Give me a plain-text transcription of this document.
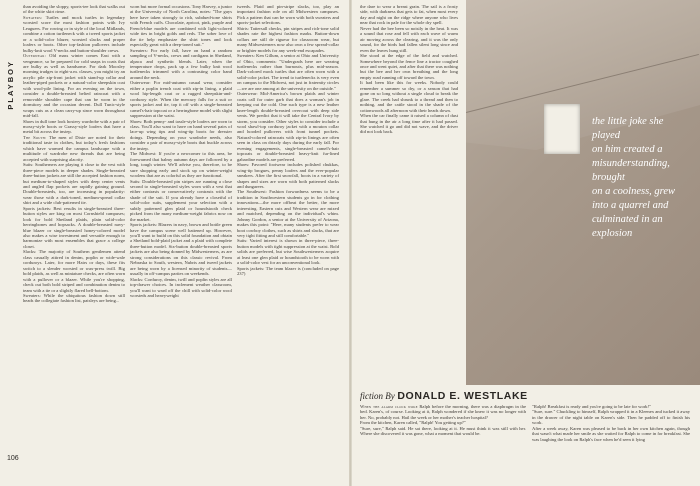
PLAYBOY
106

than avoiding the sloppy, sports-tee look that walks out of the white skirt rinse.

Sweaters: Turtles and mock turtles in legendary worsted score the most fashion points with Ivy Leaguers. For rowing or in style of the local Midlands, combine a cotton turtleneck with a tweed sports jacket or a solid-color blazer, worsted slacks and proper loafers or boots. Other top-fashion pullovers include bulky-knit wool V-necks and button-shoulder crews.

Outerwear: Old mass winter comes East with a vengeance, so be prepared for cold snaps in coats that are bulky as well as handsome. For dark Moosley morning trudges to eight-a.m. classes, you might try an acrylic pile zip-front jacket with stand-up collar and leather-piped pockets or a natural-color sheepskin coat with wool-pile lining. For an evening on the town, consider a double-breasted belted raincoat with a removable shoulder cape that can be worn in the dormitory and the occasion decent. Dull Tunic-style wraps cuts as a clean carry-up since worn throughout mid-fall.

Shoes in dull tone look hosiery wardrobe with a pair of mossy-style boots or Grassy-style loafers that have a metal bit across the instep.

The South: The men of Dixie are noted for their traditional taste in clothes, but today's fresh fashions which have warmed the campus landscape with a multitude of wardrobe new threads that are being accepted with surprising alacrity.

Suits: Southerners are playing it close to the vest with three-piece models in deeper shades. Single-breasted three-button jackets are still the accepted fashion norm, but medium-to-shaped styles with deep center vents and angled flap pockets are rapidly gaining ground. Double-breasteds, too, are increasing in popularity: wear those with a dark-toned, medium-spread collar shirt and a wide club-patterned tie.

Sports jackets: Best results in single-breasted three-button styles are king on most Cornshield campuses; look for bold Shetland plaids, plain solid-color herringbones and hopsacks. A double-breasted navy-blue blazer or single-breasted honey-colored model also makes a wise investment and versatile enough to harmonize with most ensembles that grace a college closet.

Slacks: The majority of Southern gentlemen attend class casually attired in denim, poplin or wide-wale corduroys. Later, for more Hairs or days, these fits switch to a slender worsted or wax-press twill. Big bold plaids, as well as miniature checks, are often worn with a pullover or a blazer. While you're shopping, check out both bold striped and combination denim to team with a tie or a slightly flared bell-bottom.

Sweaters: While the ubiquitous fashion down still heads the collegiate fashion list, paisleys are being...

worn but more formal occasions. Tony Harvey, a junior at the University of North Carolina, notes: "The guys here have taken strongly to rich, subdued-tone shirts with French cuffs. Chocolate, apricot, pink, purple and French-blue models are combined with light-colored wide ties in bright golds and reds. The sober love of the tie help emphasize the shirt tones and look especially great with a deep-toned suit."

Sweaters: For early fall, have on hand a random sampling of V-necks, crews and cardigans in Shetland, alpaca and synthetic blends. Later, when the temperature drops, pack up a few bulky knit wool turtlenecks trimmed with a contrasting color band around the neck.

Outerwear: For mid-autumn casual wear, consider either a poplin trench coat with zip-in lining, a plaid wool hip-length coat or a rugged sheepskin-and-corduroy style. When the mercury falls for a suit or sports jacket and tie, top it off with a single-breasted camel's-hair topcoat or a herringbone model with slight suppression at the waist.

Shoes: Both penny- and tassle-style loafers are worn to class. You'll also want to have on hand several pairs of lace-up wing tips and wing-tip boots for dressier doings. Depending on your wardrobe needs, also consider a pair of mossy-style boots that buckle across the instep.

The Midwest: If you're a newcomer to this area, be forewarned that balmy autumn days are followed by a long, tough winter. We'll advise you, therefore, to be sure shopping early and stock up on winter-weight woolens that are as colorful as they are functional.

Suits: Double-breasted pin stripes are running a close second to single-breasted styles worn with a vest that either contrasts or conservatively contrasts with the shade of the suit. If you already have a closetful of solid-color suits, supplement your selection with a subtly patterned glen plaid or houndstooth check picked from the many medium-weight fabrics now on the market.

Sports jackets: Blazers in navy, brown and bottle green have the campus scene well battened up. However, you'll want to build on this solid foundation and obtain a Shetland bold-plaid jacket and a plaid with complete three-button model. Six-button double-breasted sports jackets are also being donned by Midwesterners, as are strong considerations on this classic revival. From Nebraska to South, western, Nubris and tweed jackets are being worn by a licensed minority of students—usually in off-campus parties on weekends.

Slacks: Corduroy, denim, twill and poplin styles are all top-drawer choices. In inclement weather classroom, you'll want to ward off the chill with solid-color wool worsteds and heavyweight

tweeds. Plaid and pin-stripe slacks, too, play an important fashion role on all Midwestern campuses. Pick a pattern that can be worn with both sweaters and sports-jacket selections.

Shirts: Tattersall checks, pin stripes and rich-tone solid shades rate the highest fashion marks. Button-down collars are still de rigueur for classroom wear, but many Midwesterners now also own a few spread-collar or brighter models for any week-end escapades.

Sweaters: Ken Gillum, a senior at Ohio and University of Ohio, comments: "Undergrads here are wearing turtlenecks rather than burnouts, plus mid-season. Dark-colored mock turtles that are often worn with a solid-color jacket. The trend to turtlenecks is very even on campus to the Midwest, not just in fraternity circles—we are one among at the university on the outside."

Outerwear: Mid-America's brown plaids and winter coats call for outer garb that does a woman's job in keeping out the cold. One such type is a new leather knee-length double-breasted overcoat with deep side vents. We predict that it will take the Central Ivory by storm, you consider. Other styles to consider include a wool shawl-top corduroy jacket with a mouton collar and hooded pullovers with front tunnel pockets. Natural-colored raincoats with zip-in linings are often seen in class on drizzly days during the early fall. For evening engagements, single-breasted camel's-hair topcoats or double-breasted heavy-knit fur-lined gabardine models are preferred.

Shoes: Favored footwear includes polished chukkas, wing-tip brogues, penny loafers and the ever-popular sneakers. After the first snowfall, boots in a variety of shapes and sizes are worn with both patterned slacks and dungarees.

The Southwest: Fashion forwardness seems to be a tradition in Southwestern students go in for clothing innovations—the more offbeat the better, the more interesting. Eastern cuts and Western wear are mixed and matched, depending on the individual's whim. Johnny Gordon, a senior at the University of Arizona, makes this point: "Here, many students prefer to wear boot cowboy clothes, such as shirts and slacks, that are very tight fitting and still comfortable."

Suits: Varied interest is shown in three-piece, three-button models with tight suppression at the waist. Bold solids are preferred, but wise Southwesterners acquire at least one glen plaid or houndstooth to be worn with a solid-color vest for an unconventional look.

Sports jackets: The team blazer is (concluded on page 237)

the dare to wear a breast grain. The sail is a frosty side, with darkness that gets to fat, when most every day and night on the ridge where anyone who lives near that rock in pale for the whole dry spell.

Never had the bee been so noisily in the heat. It was a sound that rose and fell with each wave of warm air moving across the clearing, and it was the only sound, for the birds had fallen silent long since and even the leaves hung still.

She stood at the edge of the field and watched. Somewhere beyond the fence line a tractor coughed once and went quiet, and after that there was nothing but the bee and her own breathing and the long empty road running off toward the town.

It had been like this for weeks. Nobody could remember a summer so dry, or a season that had gone on so long without a single cloud to break the glare. The creek had shrunk to a thread and then to nothing, and the cattle stood in the shade of the cottonwoods all afternoon with their heads down.

When the car finally came it raised a column of dust that hung in the air a long time after it had passed. She watched it go and did not wave, and the driver did not look back.

the little joke she played

on him created a

misunderstanding, brought

on a coolness, grew

into a quarrel and

culminated in an explosion

fiction By DONALD E. WESTLAKE

When the alarm clock woke Ralph before the morning, there was a diaphragm in the bed. Karen's, of course. Looking at it, Ralph wondered if she knew it was no longer with her. No, probably not. Hail the week or her mother's teacher hospital?

From the kitchen, Karen called, "Ralph! You getting up?"

"Sure, sure," Ralph said. He sat there, looking at it. He must think it was still with her. Where she discovered it was gone, what a moment that would be.

"Ralph! Breakfast is ready and you're going to be late for work!"

"Sure, sure." Chuckling to himself, Ralph wrapped it in a Kleenex and tucked it away in the drawer of the night table on Karen's side. Then he padded off to finish his work.

After a week away, Karen was pleased to be back in her own kitchen again, though that wasn't what made her smile as she waited for Ralph to come in for breakfast. She was laughing the look on Ralph's face when he'd seen it lying
